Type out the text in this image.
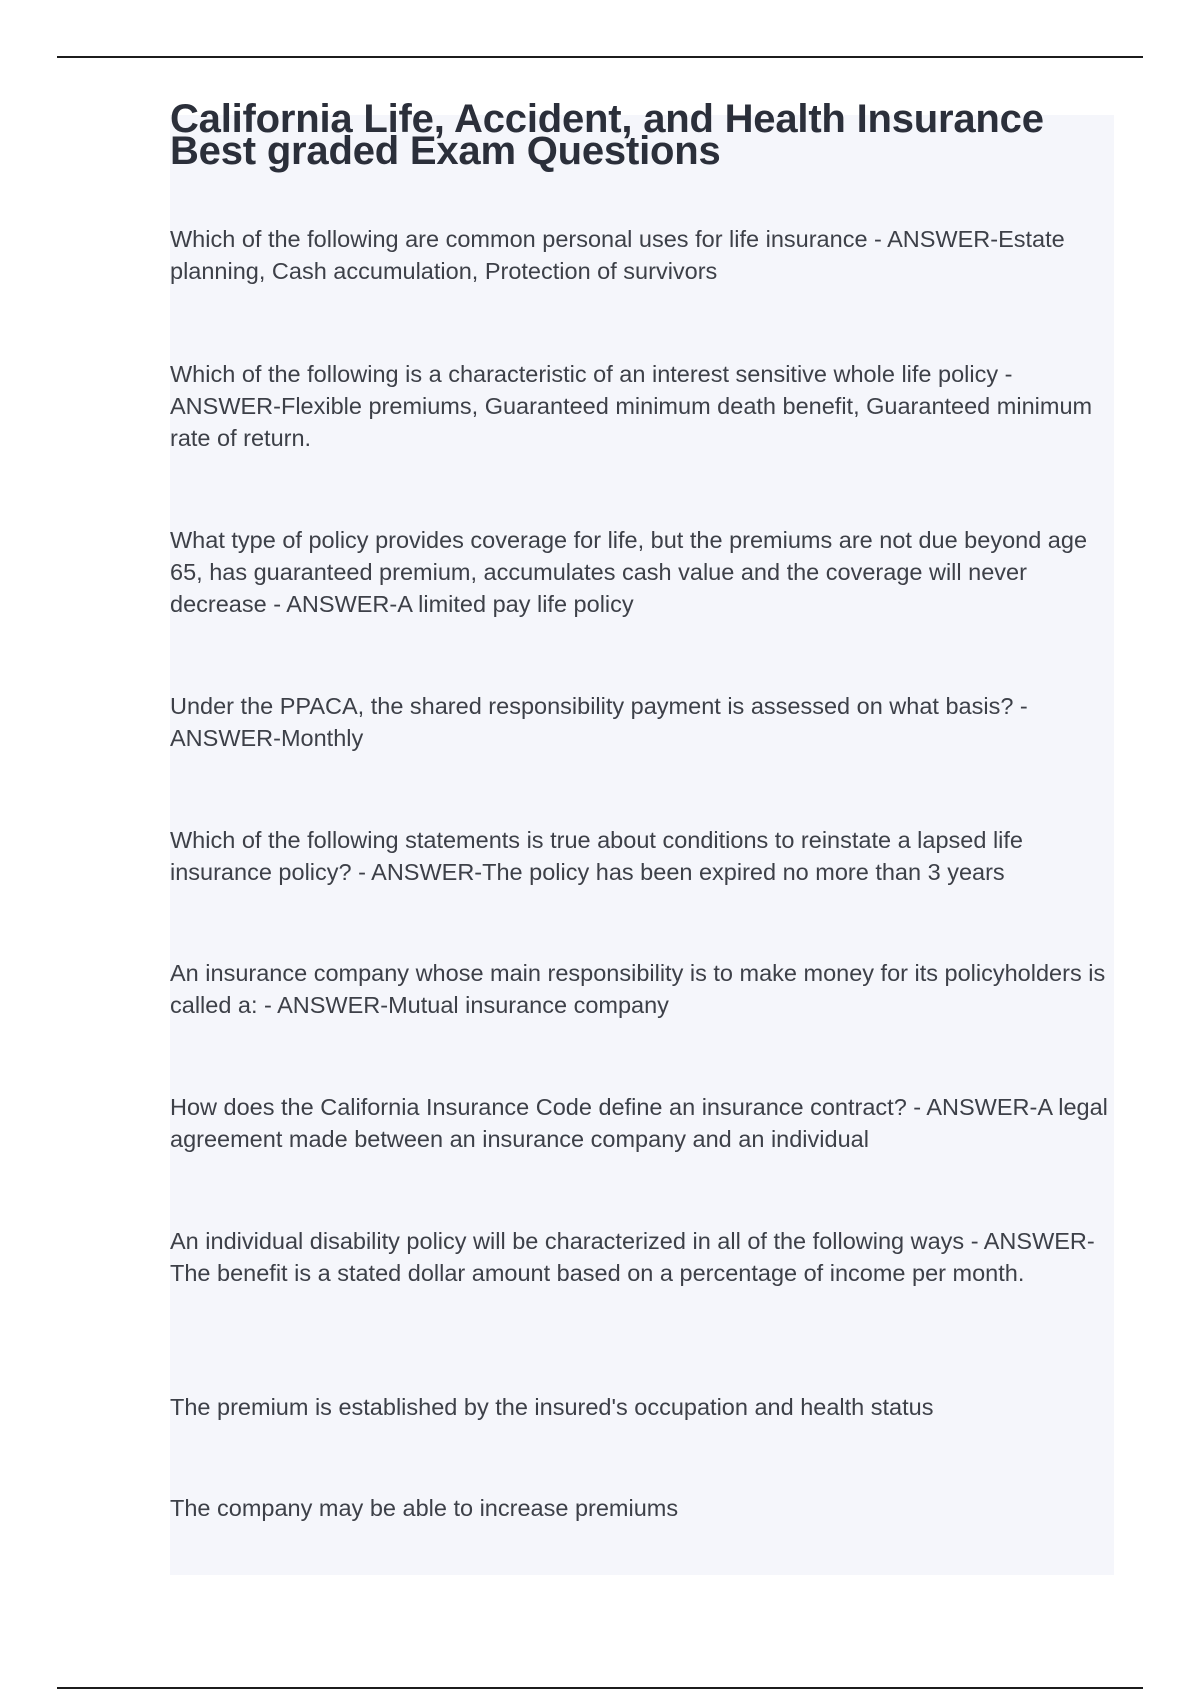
California Life, Accident, and Health Insurance
Best graded Exam Questions

Which of the following are common personal uses for life insurance - ANSWER-Estate planning, Cash accumulation, Protection of survivors

Which of the following is a characteristic of an interest sensitive whole life policy - ANSWER-Flexible premiums, Guaranteed minimum death benefit, Guaranteed minimum rate of return.

What type of policy provides coverage for life, but the premiums are not due beyond age 65, has guaranteed premium, accumulates cash value and the coverage will never decrease - ANSWER-A limited pay life policy

Under the PPACA, the shared responsibility payment is assessed on what basis? - ANSWER-Monthly

Which of the following statements is true about conditions to reinstate a lapsed life insurance policy? - ANSWER-The policy has been expired no more than 3 years

An insurance company whose main responsibility is to make money for its policyholders is called a: - ANSWER-Mutual insurance company

How does the California Insurance Code define an insurance contract? - ANSWER-A legal agreement made between an insurance company and an individual

An individual disability policy will be characterized in all of the following ways - ANSWER-The benefit is a stated dollar amount based on a percentage of income per month.

The premium is established by the insured's occupation and health status

The company may be able to increase premiums
